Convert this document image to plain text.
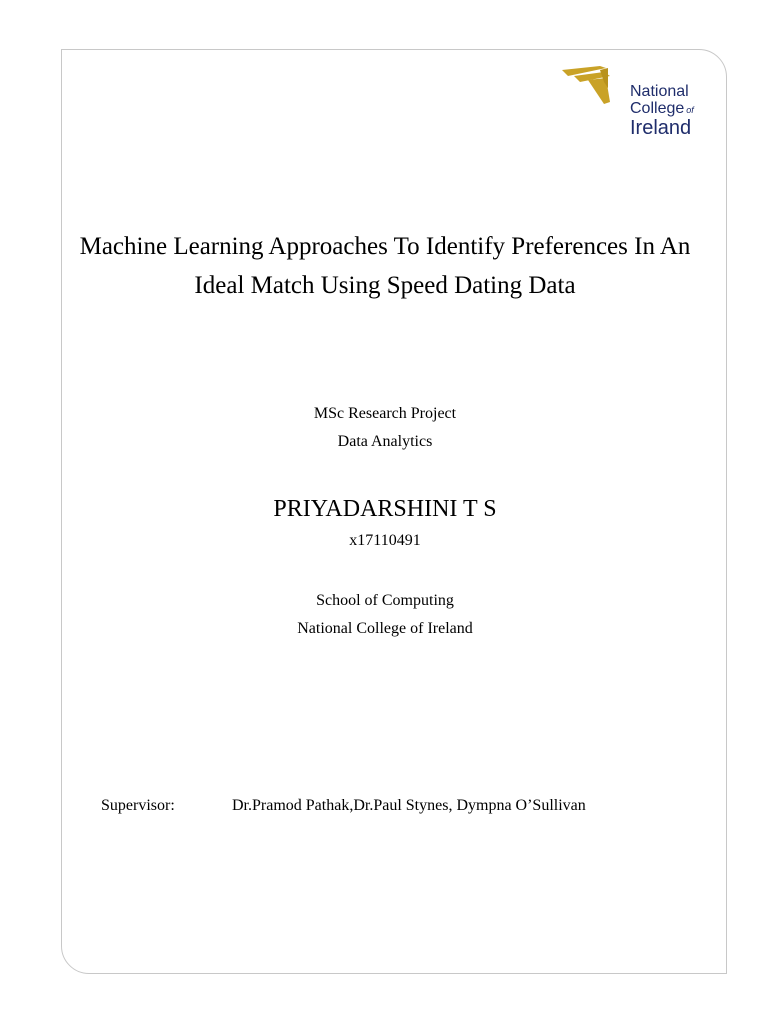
National
College of
Ireland
Machine Learning Approaches To Identify Preferences In An Ideal Match Using Speed Dating Data
MSc Research Project
Data Analytics
PRIYADARSHINI T S
x17110491
School of Computing
National College of Ireland
Supervisor:	Dr.Pramod Pathak,Dr.Paul Stynes, Dympna O’Sullivan
